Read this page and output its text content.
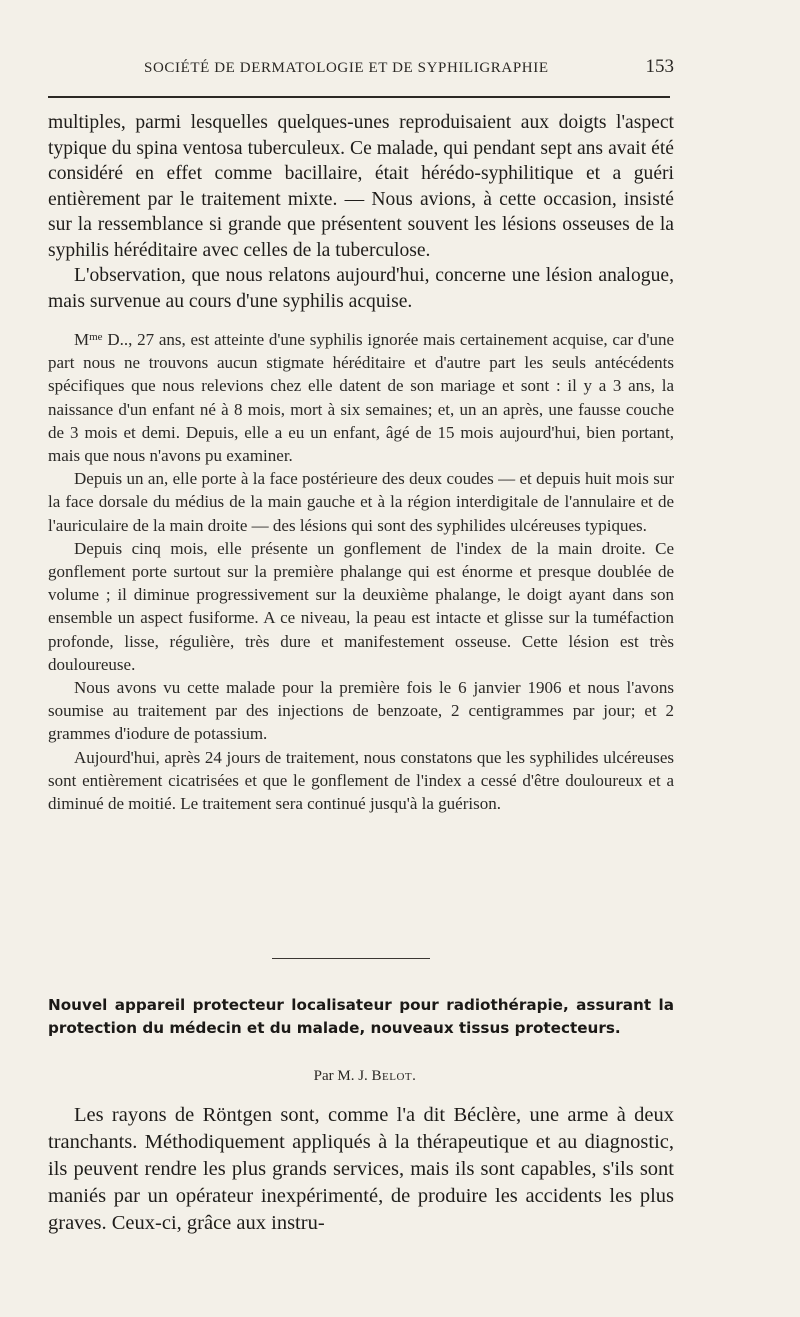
SOCIÉTÉ DE DERMATOLOGIE ET DE SYPHILIGRAPHIE	153

multiples, parmi lesquelles quelques-unes reproduisaient aux doigts l'aspect typique du spina ventosa tuberculeux. Ce malade, qui pendant sept ans avait été considéré en effet comme bacillaire, était hérédo-syphilitique et a guéri entièrement par le traitement mixte. — Nous avions, à cette occasion, insisté sur la ressemblance si grande que présentent souvent les lésions osseuses de la syphilis héréditaire avec celles de la tuberculose.

L'observation, que nous relatons aujourd'hui, concerne une lésion analogue, mais survenue au cours d'une syphilis acquise.

$M^{me}$ D.., 27 ans, est atteinte d'une syphilis ignorée mais certainement acquise, car d'une part nous ne trouvons aucun stigmate héréditaire et d'autre part les seuls antécédents spécifiques que nous relevions chez elle datent de son mariage et sont : il y a 3 ans, la naissance d'un enfant né à 8 mois, mort à six semaines; et, un an après, une fausse couche de 3 mois et demi. Depuis, elle a eu un enfant, âgé de 15 mois aujourd'hui, bien portant, mais que nous n'avons pu examiner.

Depuis un an, elle porte à la face postérieure des deux coudes — et depuis huit mois sur la face dorsale du médius de la main gauche et à la région interdigitale de l'annulaire et de l'auriculaire de la main droite — des lésions qui sont des syphilides ulcéreuses typiques.

Depuis cinq mois, elle présente un gonflement de l'index de la main droite. Ce gonflement porte surtout sur la première phalange qui est énorme et presque doublée de volume ; il diminue progressivement sur la deuxième phalange, le doigt ayant dans son ensemble un aspect fusiforme. A ce niveau, la peau est intacte et glisse sur la tuméfaction profonde, lisse, régulière, très dure et manifestement osseuse. Cette lésion est très douloureuse.

Nous avons vu cette malade pour la première fois le 6 janvier 1906 et nous l'avons soumise au traitement par des injections de benzoate, 2 centigrammes par jour; et 2 grammes d'iodure de potassium.

Aujourd'hui, après 24 jours de traitement, nous constatons que les syphilides ulcéreuses sont entièrement cicatrisées et que le gonflement de l'index a cessé d'être douloureux et a diminué de moitié. Le traitement sera continué jusqu'à la guérison.

Nouvel appareil protecteur localisateur pour radiothérapie, assurant la protection du médecin et du malade, nouveaux tissus protecteurs.
Par M. J. Belot.

Les rayons de Röntgen sont, comme l'a dit Béclère, une arme à deux tranchants. Méthodiquement appliqués à la thérapeutique et au diagnostic, ils peuvent rendre les plus grands services, mais ils sont capables, s'ils sont maniés par un opérateur inexpérimenté, de produire les accidents les plus graves. Ceux-ci, grâce aux instru-
